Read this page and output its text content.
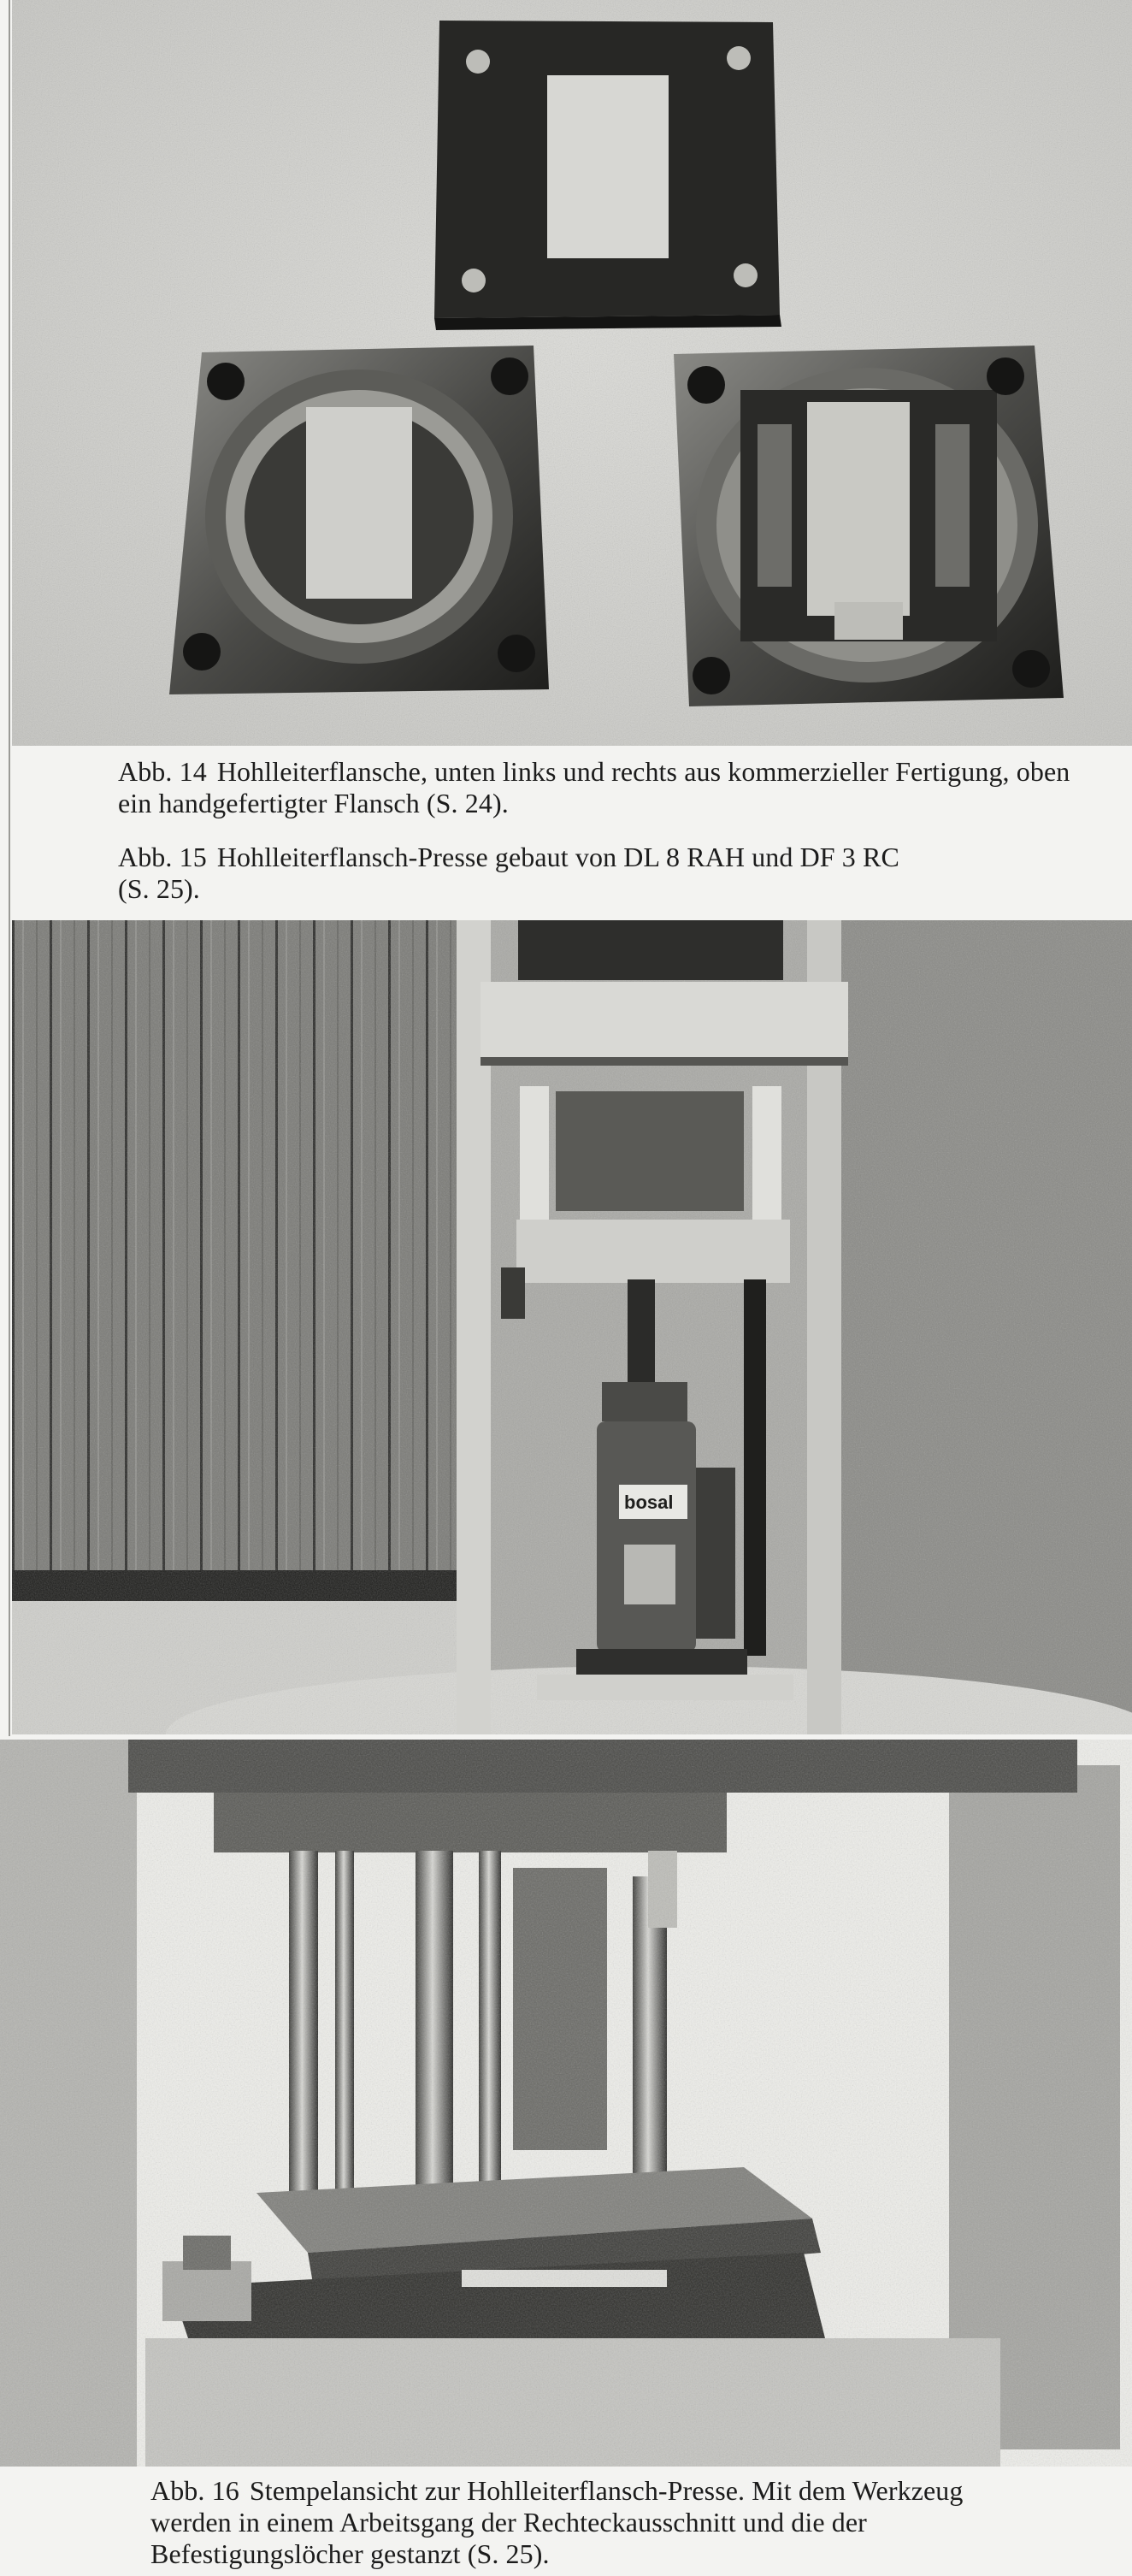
Abb. 14 Hohlleiterflansche, unten links und rechts aus kommerzieller Fertigung, oben ein handgefertigter Flansch (S. 24).

Abb. 15 Hohlleiterflansch-Presse gebaut von DL 8 RAH und DF 3 RC (S. 25).

bosal

Abb. 16 Stempelansicht zur Hohlleiterflansch-Presse. Mit dem Werkzeug werden in einem Arbeitsgang der Rechteckausschnitt und die der Befestigungslöcher gestanzt (S. 25).
